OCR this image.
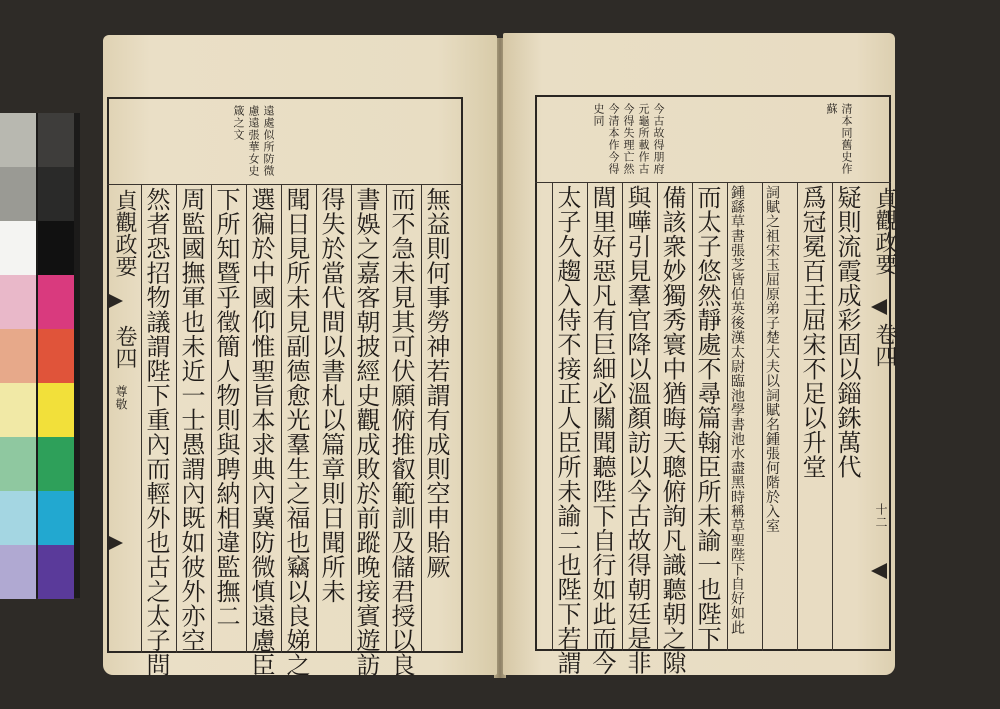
遠處似所防微
慮遠張華女史
箴之文
無益則何事勞神若謂有成則空申貽厥
而不急未見其可伏願俯推叡範訓及儲君授以良
書娛之嘉客朝披經史觀成敗於前蹤晚接賓遊訪
得失於當代間以書札以篇章則日聞所未
聞日見所未見副德愈光羣生之福也竊以良娣之
選徧於中國仰惟聖旨本求典內冀防微慎遠慮臣
下所知暨乎徵簡人物則與聘納相違監撫二
周監國撫軍也未近一士愚謂內既如彼外亦空
然者恐招物議謂陛下重內而輕外也古之太子問
貞觀政要
卷四
尊敬
清本同舊史作
蘇
今古故得朋府
元龜所載作古
今得失理亡然
今清本作今得
史同
疑則流霞成彩固以錙銖萬代
爲冠冕百王屈宋不足以升堂
詞賦之祖宋玉屈原弟子楚大夫以詞賦名鍾張何階於入室
鍾繇草書張芝皆伯英後漢太尉臨池學書池水盡黑時稱草聖陛下自好如此
而太子悠然靜處不尋篇翰臣所未諭一也陛下
備該衆妙獨秀寰中猶晦天聰俯詢凡識聽朝之隙
與嘩引見羣官降以溫顏訪以今古故得朝廷是非
閭里好惡凡有巨細必關聞聽陛下自行如此而今
太子久趨入侍不接正人臣所未諭二也陛下若謂	貞觀政要
卷四
十二
